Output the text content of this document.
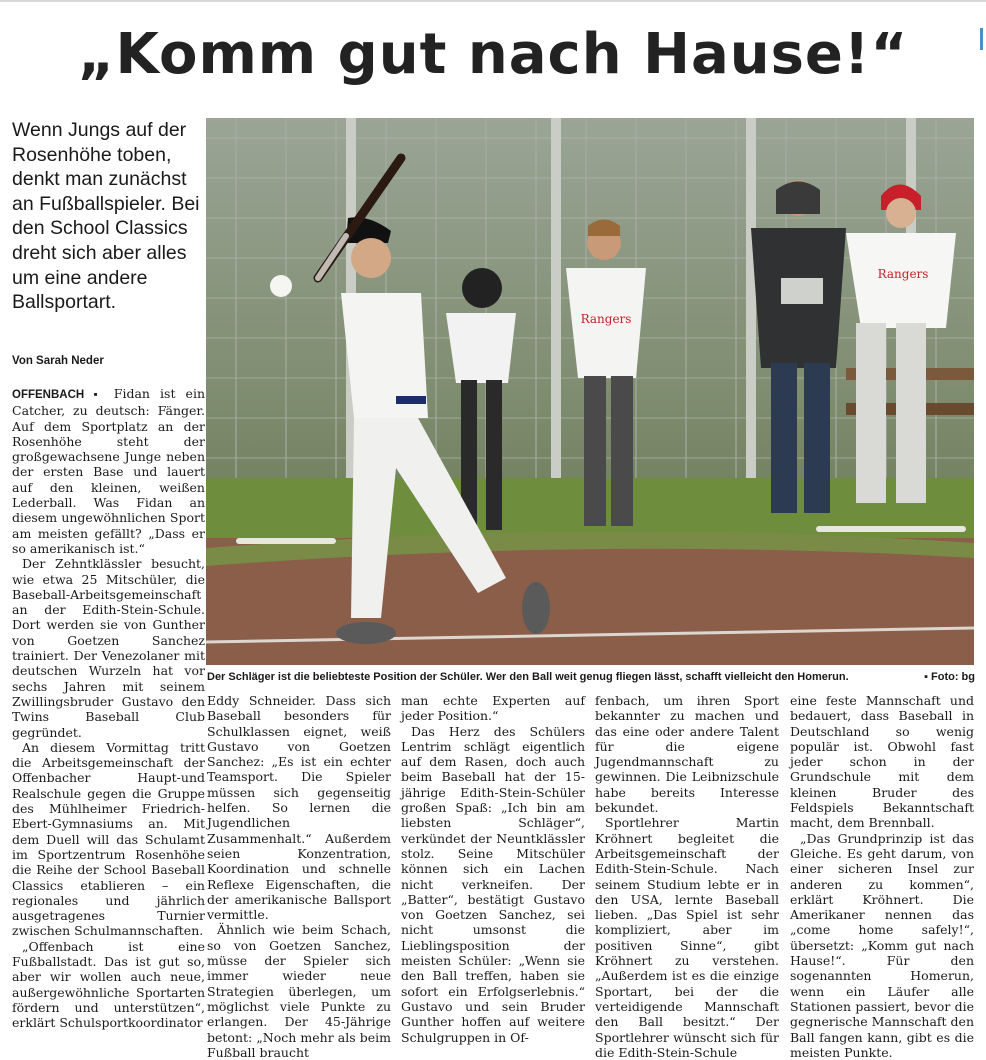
„Komm gut nach Hause!“
Wenn Jungs auf der Rosenhöhe toben, denkt man zunächst an Fußballspieler. Bei den School Classics dreht sich aber alles um eine andere Ballsportart.
Von Sarah Neder

OFFENBACH ▪ Fidan ist ein Catcher, zu deutsch: Fänger. Auf dem Sportplatz an der Rosenhöhe steht der großgewachsene Junge neben der ersten Base und lauert auf den kleinen, weißen Lederball. Was Fidan an diesem ungewöhnlichen Sport am meisten gefällt? „Dass er so amerikanisch ist.“

Der Zehntklässler besucht, wie etwa 25 Mitschüler, die Baseball-Arbeitsgemeinschaft an der Edith-Stein-Schule. Dort werden sie von Gunther von Goetzen Sanchez trainiert. Der Venezolaner mit deutschen Wurzeln hat vor sechs Jahren mit seinem Zwillingsbruder Gustavo den Twins Baseball Club gegründet.

An diesem Vormittag tritt die Arbeitsgemeinschaft der Offenbacher Haupt-und Realschule gegen die Gruppe des Mühlheimer Friedrich-Ebert-Gymnasiums an. Mit dem Duell will das Schulamt im Sportzentrum Rosenhöhe die Reihe der School Baseball Classics etablieren – ein regionales und jährlich ausgetragenes Turnier zwischen Schulmannschaften.

„Offenbach ist eine Fußballstadt. Das ist gut so, aber wir wollen auch neue, außergewöhnliche Sportarten fördern und unterstützen“, erklärt Schulsportkoordinator

Rangers
Rangers
Der Schläger ist die beliebteste Position der Schüler. Wer den Ball weit genug fliegen lässt, schafft vielleicht den Homerun.	▪ Foto: bg

Eddy Schneider. Dass sich Baseball besonders für Schulklassen eignet, weiß Gustavo von Goetzen Sanchez: „Es ist ein echter Teamsport. Die Spieler müssen sich gegenseitig helfen. So lernen die Jugendlichen Zusammenhalt.“ Außerdem seien Konzentration, Koordination und schnelle Reflexe Eigenschaften, die der amerikanische Ballsport vermittle.

Ähnlich wie beim Schach, so von Goetzen Sanchez, müsse der Spieler sich immer wieder neue Strategien überlegen, um möglichst viele Punkte zu erlangen. Der 45-Jährige betont: „Noch mehr als beim Fußball braucht

man echte Experten auf jeder Position.“

Das Herz des Schülers Lentrim schlägt eigentlich auf dem Rasen, doch auch beim Baseball hat der 15-jährige Edith-Stein-Schüler großen Spaß: „Ich bin am liebsten Schläger“, verkündet der Neuntklässler stolz. Seine Mitschüler können sich ein Lachen nicht verkneifen. Der „Batter“, bestätigt Gustavo von Goetzen Sanchez, sei nicht umsonst die Lieblingsposition der meisten Schüler: „Wenn sie den Ball treffen, haben sie sofort ein Erfolgserlebnis.“ Gustavo und sein Bruder Gunther hoffen auf weitere Schulgruppen in Of-

fenbach, um ihren Sport bekannter zu machen und das eine oder andere Talent für die eigene Jugendmannschaft zu gewinnen. Die Leibnizschule habe bereits Interesse bekundet.

Sportlehrer Martin Kröhnert begleitet die Arbeitsgemeinschaft der Edith-Stein-Schule. Nach seinem Studium lebte er in den USA, lernte Baseball lieben. „Das Spiel ist sehr kompliziert, aber im positiven Sinne“, gibt Kröhnert zu verstehen. „Außerdem ist es die einzige Sportart, bei der die verteidigende Mannschaft den Ball besitzt.“ Der Sportlehrer wünscht sich für die Edith-Stein-Schule

eine feste Mannschaft und bedauert, dass Baseball in Deutschland so wenig populär ist. Obwohl fast jeder schon in der Grundschule mit dem kleinen Bruder des Feldspiels Bekanntschaft macht, dem Brennball.

„Das Grundprinzip ist das Gleiche. Es geht darum, von einer sicheren Insel zur anderen zu kommen“, erklärt Kröhnert. Die Amerikaner nennen das „come home safely!“, übersetzt: „Komm gut nach Hause!“. Für den sogenannten Homerun, wenn ein Läufer alle Stationen passiert, bevor die gegnerische Mannschaft den Ball fangen kann, gibt es die meisten Punkte.
